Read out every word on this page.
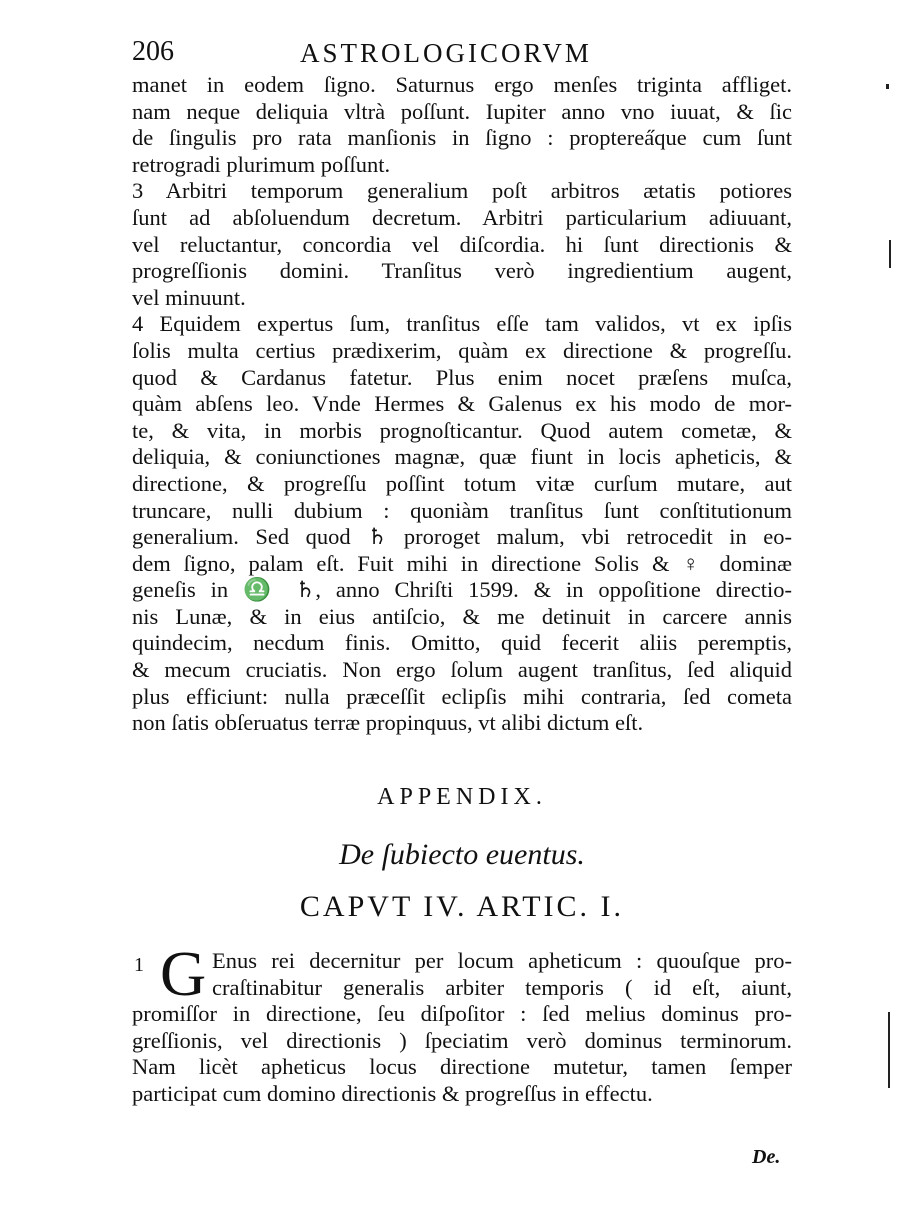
206	ASTROLOGICORVM
manet in eodem ſigno. Saturnus ergo menſes triginta affliget.
nam neque deliquia vltrà poſſunt. Iupiter anno vno iuuat, & ſic
de ſingulis pro rata manſionis in ſigno : propterea̋que cum ſunt
retrogradi plurimum poſſunt.
3 Arbitri temporum generalium poſt arbitros ætatis potiores
ſunt ad abſoluendum decretum. Arbitri particularium adiuuant,
vel reluctantur, concordia vel diſcordia. hi ſunt directionis &
progreſſionis domini. Tranſitus verò ingredientium augent,
vel minuunt.
4 Equidem expertus ſum, tranſitus eſſe tam validos, vt ex ipſis
ſolis multa certius prædixerim, quàm ex directione & progreſſu.
quod & Cardanus fatetur. Plus enim nocet præſens muſca,
quàm abſens leo. Vnde Hermes & Galenus ex his modo de mor-
te, & vita, in morbis prognoſticantur. Quod autem cometæ, &
deliquia, & coniunctiones magnæ, quæ fiunt in locis apheticis, &
directione, & progreſſu poſſint totum vitæ curſum mutare, aut
truncare, nulli dubium : quoniàm tranſitus ſunt conſtitutionum
generalium. Sed quod ♄ proroget malum, vbi retrocedit in eo-
dem ſigno, palam eſt. Fuit mihi in directione Solis & ♀ dominæ
geneſis in ♎ ♄, anno Chriſti 1599. & in oppoſitione directio-
nis Lunæ, & in eius antiſcio, & me detinuit in carcere annis
quindecim, necdum finis. Omitto, quid fecerit aliis peremptis,
& mecum cruciatis. Non ergo ſolum augent tranſitus, ſed aliquid
plus efficiunt: nulla præceſſit eclipſis mihi contraria, ſed cometa
non ſatis obſeruatus terræ propinquus, vt alibi dictum eſt.
APPENDIX.
De ſubiecto euentus.
CAPVT IV. ARTIC. I.
1 G Enus rei decernitur per locum apheticum : quouſque pro-
craſtinabitur generalis arbiter temporis ( id eſt, aiunt,
promiſſor in directione, ſeu diſpoſitor : ſed melius dominus pro-
greſſionis, vel directionis ) ſpeciatim verò dominus terminorum.
Nam licèt apheticus locus directione mutetur, tamen ſemper
participat cum domino directionis & progreſſus in effectu.
De.
